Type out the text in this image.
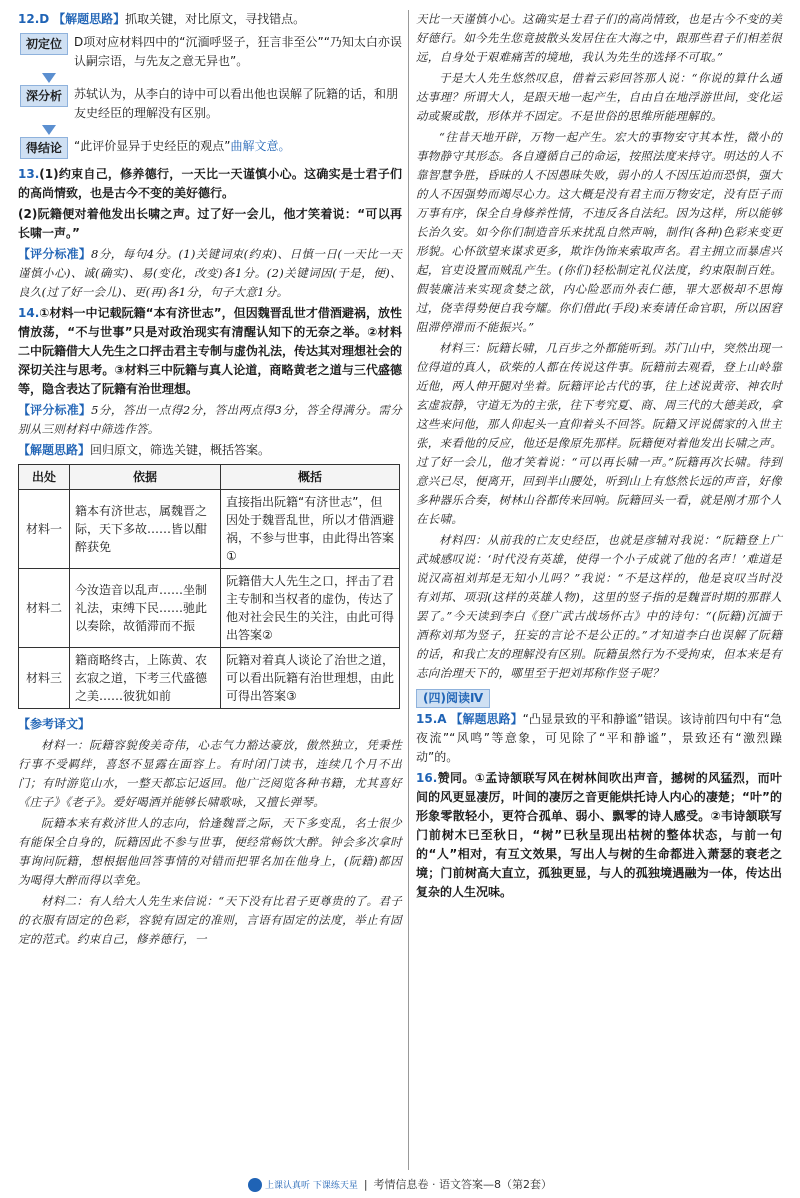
12.D 【解题思路】抓取关键，对比原文，寻找错点。

初定位	D项对应材料四中的“沉湎呼竖子，狂言非至公”“乃知太白亦误认嗣宗语，与先友之意无异也”。
深分析	苏轼认为，从李白的诗中可以看出他也误解了阮籍的话，和朋友史经臣的理解没有区别。
得结论	“此评价显异于史经臣的观点”曲解文意。

13.(1)约束自己，修养德行，一天比一天谨慎小心。这确实是士君子们的高尚情致，也是古今不变的美好德行。

(2)阮籍便对着他发出长啸之声。过了好一会儿，他才笑着说：“可以再长啸一声。”

【评分标准】8分，每句4分。(1)关键词束(约束)、日慎一日(一天比一天谨慎小心)、诚(确实)、易(变化，改变)各1分。(2)关键词因(于是，便)、良久(过了好一会儿)、更(再)各1分，句子大意1分。

14.①材料一中记载阮籍“本有济世志”，但因魏晋乱世才借酒避祸，放性情放荡，“不与世事”只是对政治现实有清醒认知下的无奈之举。②材料二中阮籍借大人先生之口抨击君主专制与虚伪礼法，传达其对理想社会的深切关注与思考。③材料三中阮籍与真人论道，商略黄老之道与三代盛德等，隐含表达了阮籍有治世理想。

【评分标准】5分，答出一点得2分，答出两点得3分，答全得满分。需分别从三则材料中筛选作答。

【解题思路】回归原文，筛选关键，概括答案。

出处	依据	概括
材料一	籍本有济世志，属魏晋之际，天下多故……皆以酣醉获免	直接指出阮籍“有济世志”，但因处于魏晋乱世，所以才借酒避祸，不参与世事，由此得出答案①
材料二	今汝造音以乱声……坐制礼法，束缚下民……驰此以奏除，故循滞而不振	阮籍借大人先生之口，抨击了君主专制和当权者的虚伪，传达了他对社会民生的关注，由此可得出答案②
材料三	籍商略终古，上陈黄、农玄寂之道，下考三代盛德之美……彼犹如前	阮籍对着真人谈论了治世之道，可以看出阮籍有治世理想，由此可得出答案③

【参考译文】

材料一：阮籍容貌俊美奇伟，心志气力豁达豪放，傲然独立，凭秉性行事不受羁绊，喜怒不显露在面容上。有时闭门读书，连续几个月不出门；有时游览山水，一整天都忘记返回。他广泛阅览各种书籍，尤其喜好《庄子》《老子》。爱好喝酒并能够长啸歌咏，又擅长弹琴。

阮籍本来有救济世人的志向，恰逢魏晋之际，天下多变乱，名士很少有能保全自身的，阮籍因此不参与世事，便经常畅饮大醉。钟会多次拿时事询问阮籍，想根据他回答事情的对错而把罪名加在他身上，(阮籍)都因为喝得大醉而得以幸免。

材料二：有人给大人先生来信说：“天下没有比君子更尊贵的了。君子的衣服有固定的色彩，容貌有固定的准则，言语有固定的法度，举止有固定的范式。约束自己，修养德行，一

天比一天谨慎小心。这确实是士君子们的高尚情致，也是古今不变的美好德行。如今先生您竟披散头发居住在大海之中，跟那些君子们相差很远，自身处于艰难痛苦的境地，我认为先生的选择不可取。”

于是大人先生悠然叹息，借着云彩回答那人说：“你说的算什么通达事理？所谓大人，是跟天地一起产生，自由自在地浮游世间，变化运动或聚或散，形体并不固定。不是世俗的思维所能理解的。

“往昔天地开辟，万物一起产生。宏大的事物安守其本性，微小的事物静守其形态。各自遵循自己的命运，按照法度来持守。明达的人不靠智慧争胜，昏昧的人不因愚昧失败，弱小的人不因压迫而恐惧，强大的人不因强势而竭尽心力。这大概是没有君主而万物安定，没有臣子而万事有序，保全自身修养性情，不违反各自法纪。因为这样，所以能够长治久安。如今你们制造音乐来扰乱自然声响，制作(各种)色彩来变更形貌。心怀欲望来谋求更多，欺诈伪饰来索取声名。君主拥立而暴虐兴起，官吏设置而贼乱产生。(你们)轻松制定礼仪法度，约束限制百姓。假装廉洁来实现贪婪之欲，内心险恶而外表仁德，罪大恶极却不思悔过，侥幸得势便自我夸耀。你们借此(手段)来奏请任命官职，所以困窘阻滞停滞而不能振兴。”

材料三：阮籍长啸，几百步之外都能听到。苏门山中，突然出现一位得道的真人，砍柴的人都在传说这件事。阮籍前去观看，登上山岭靠近他，两人伸开腿对坐着。阮籍评论古代的事，往上述说黄帝、神农时玄虚寂静，守道无为的主张，往下考究夏、商、周三代的大德美政，拿这些来问他，那人仰起头一直仰着头不回答。阮籍又评说儒家的入世主张，来看他的反应，他还是像原先那样。阮籍便对着他发出长啸之声。过了好一会儿，他才笑着说：“可以再长啸一声。”阮籍再次长啸。待到意兴已尽，便离开，回到半山腰处，听到山上有悠然长远的声音，好像多种器乐合奏，树林山谷都传来回响。阮籍回头一看，就是刚才那个人在长啸。

材料四：从前我的亡友史经臣，也就是彦辅对我说：“阮籍登上广武城感叹说：‘时代没有英雄，使得一个小子成就了他的名声！’难道是说汉高祖刘邦是无知小儿吗？”我说：“不是这样的，他是哀叹当时没有刘邦、项羽(这样的英雄人物)，这里的竖子指的是魏晋时期的那群人罢了。”今天读到李白《登广武古战场怀古》中的诗句：“(阮籍)沉湎于酒称刘邦为竖子，狂妄的言论不是公正的。”才知道李白也误解了阮籍的话，和我亡友的理解没有区别。阮籍虽然行为不受拘束，但本来是有志向治理天下的，哪里至于把刘邦称作竖子呢？

(四)阅读Ⅳ

15.A 【解题思路】“凸显景致的平和静谧”错误。该诗前四句中有“急夜流”“风鸣”等意象，可见除了“平和静谧”，景致还有“激烈躁动”的。

16.赞同。①孟诗颔联写风在树林间吹出声音，撼树的风猛烈，而叶间的风更显凄厉，叶间的凄厉之音更能烘托诗人内心的凄楚；“叶”的形象零散轻小，更符合孤单、弱小、飘零的诗人感受。②韦诗颔联写门前树木已至秋日，“树”已秋呈现出枯树的整体状态，与前一句的“人”相对，有互文效果，写出人与树的生命都进入萧瑟的衰老之境；门前树高大直立，孤独更显，与人的孤独境遇融为一体，传达出复杂的人生况味。

上课认真听 下课练天星 | 考情信息卷 · 语文答案—8（第2套）
